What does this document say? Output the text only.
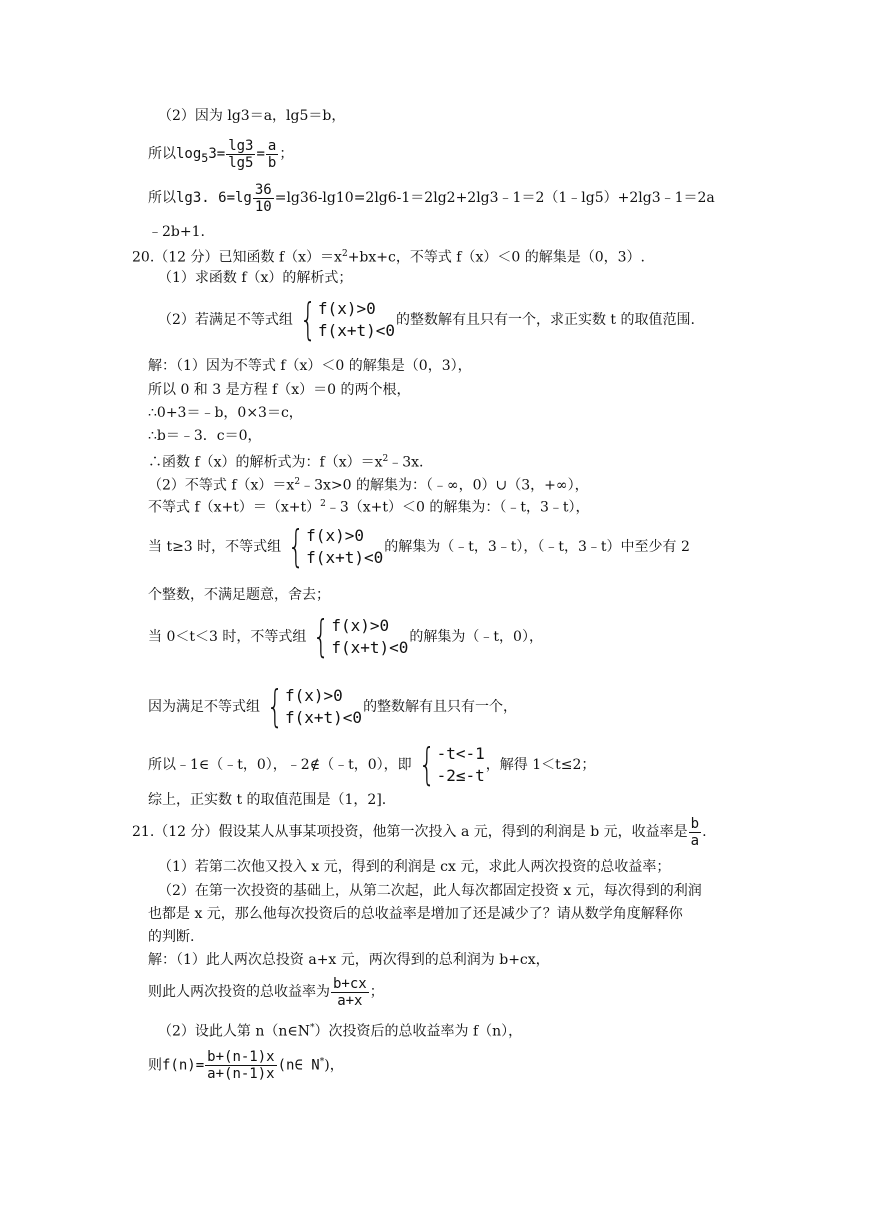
（2）因为 lg3＝a，lg5＝b，
所以$\log_53= \frac{\lg 3}{\lg 5} = \frac{a}{b}$ ；
所以lg3. $6=\lg \frac{36}{10}$ =lg36-lg10=2lg6-1＝2lg2+2lg3﹣1＝2（1﹣lg5）+2lg3﹣1＝2a
﹣2b+1.
20.（12 分）已知函数 $f(x)=x^2+bx+c$，不等式 f（x）＜0 的解集是（0，3）.
（1）求函数 f（x）的解析式；
（2）若满足不等式组 { f(x)>0
f(x+t)<0
的整数解有且只有一个，求正实数 t 的取值范围.
解：（1）因为不等式 f（x）＜0 的解集是（0，3），
所以 0 和 3 是方程 f（x）＝0 的两个根，
∴0+3＝﹣b，0×3＝c，
∴b＝﹣3．c＝0，
∴函数 f（x）的解析式为：$f(x)=x^2﹣3x$.
（2）不等式 $f(x)=x^2﹣3x>0$ 的解集为：（﹣∞，0）∪（3，+∞），
不等式 $f(x+t)=(x+t)^2﹣3(x+t)<0$ 的解集为：（﹣t，3﹣t），
当 t≥3 时，不等式组 { f(x)>0
f(x+t)<0
的解集为（﹣t，3﹣t），（﹣t，3﹣t）中至少有 2
个整数，不满足题意，舍去；
当 0＜t＜3 时，不等式组 { f(x)>0
f(x+t)<0
的解集为（﹣t，0），
因为满足不等式组 { f(x)>0
f(x+t)<0
的整数解有且只有一个，
所以﹣1∈（﹣t，0），﹣2∉（﹣t，0），即 { -t<-1
-2≤-t
，解得 1＜t≤2；
综上，正实数 t 的取值范围是（1，2].
21.（12 分）假设某人从事某项投资，他第一次投入 a 元，得到的利润是 b 元，收益率是 $\frac{b}{a}$ .
（1）若第二次他又投入 x 元，得到的利润是 cx 元，求此人两次投资的总收益率；
（2）在第一次投资的基础上，从第二次起，此人每次都固定投资 x 元，每次得到的利润
也都是 x 元，那么他每次投资后的总收益率是增加了还是减少了？请从数学角度解释你
的判断.
解：（1）此人两次总投资 a+x 元，两次得到的总利润为 b+cx，
则此人两次投资的总收益率为 $\frac{b+cx}{a+x}$ ；
（2）设此人第 n（n∈N*）次投资后的总收益率为 f（n），
则$f(n)= \frac{b+(n-1)x}{a+(n-1)x}$ (n∈ N*)，
